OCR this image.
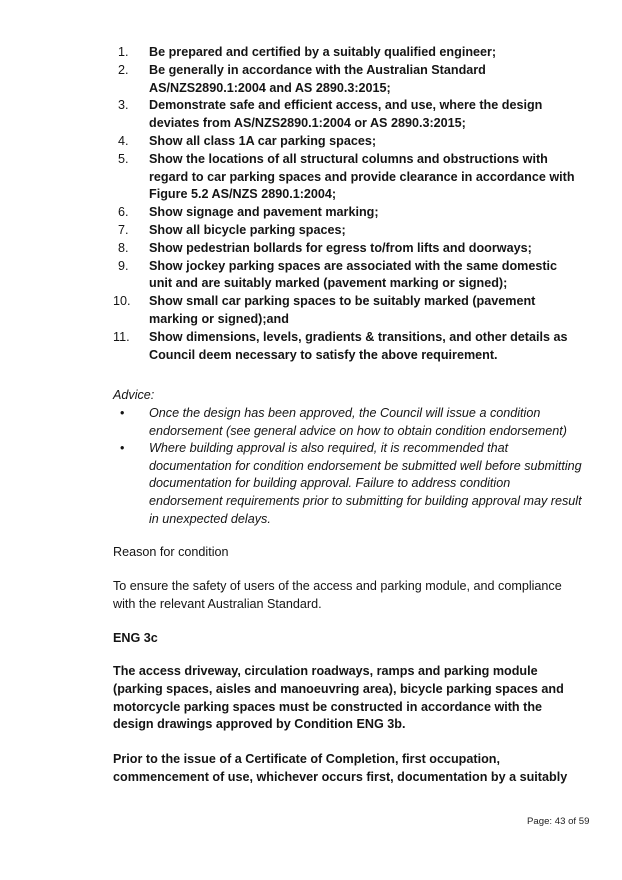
1. Be prepared and certified by a suitably qualified engineer;
2. Be generally in accordance with the Australian Standard AS/NZS2890.1:2004 and AS 2890.3:2015;
3. Demonstrate safe and efficient access, and use, where the design deviates from AS/NZS2890.1:2004 or AS 2890.3:2015;
4. Show all class 1A car parking spaces;
5. Show the locations of all structural columns and obstructions with regard to car parking spaces and provide clearance in accordance with Figure 5.2 AS/NZS 2890.1:2004;
6. Show signage and pavement marking;
7. Show all bicycle parking spaces;
8. Show pedestrian bollards for egress to/from lifts and doorways;
9. Show jockey parking spaces are associated with the same domestic unit and are suitably marked (pavement marking or signed);
10. Show small car parking spaces to be suitably marked (pavement marking or signed);and
11. Show dimensions, levels, gradients & transitions, and other details as Council deem necessary to satisfy the above requirement.
Advice:
• Once the design has been approved, the Council will issue a condition endorsement (see general advice on how to obtain condition endorsement)
• Where building approval is also required, it is recommended that documentation for condition endorsement be submitted well before submitting documentation for building approval. Failure to address condition endorsement requirements prior to submitting for building approval may result in unexpected delays.

Reason for condition

To ensure the safety of users of the access and parking module, and compliance with the relevant Australian Standard.

ENG 3c

The access driveway, circulation roadways, ramps and parking module (parking spaces, aisles and manoeuvring area), bicycle parking spaces and motorcycle parking spaces must be constructed in accordance with the design drawings approved by Condition ENG 3b.

Prior to the issue of a Certificate of Completion, first occupation, commencement of use, whichever occurs first, documentation by a suitably

Page: 43 of 59
